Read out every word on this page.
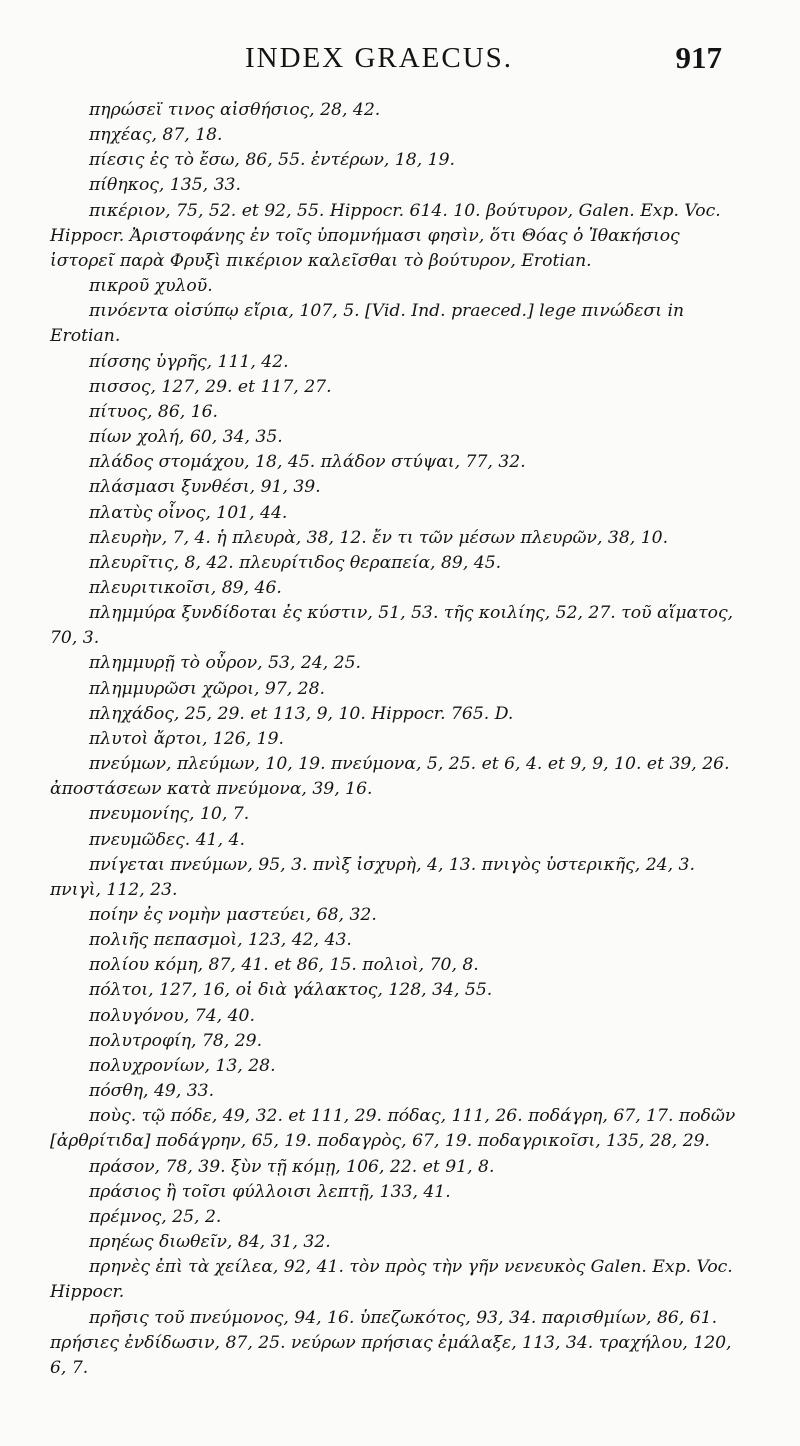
INDEX GRAECUS.	917

πηρώσεϊ τινος αἰσθήσιος, 28, 42.

πηχέας, 87, 18.

πίεσις ἐς τὸ ἔσω, 86, 55. ἐντέρων, 18, 19.

πίθηκος, 135, 33.

πικέριον, 75, 52. et 92, 55. Hippocr. 614. 10. βούτυρον, Galen. Exp. Voc. Hippocr. Ἀριστοφάνης ἐν τοῖς ὑπομνήμασι φησὶν, ὅτι Θόας ὁ Ἰθακήσιος ἱστορεῖ παρὰ Φρυξὶ πικέριον καλεῖσθαι τὸ βούτυρον, Erotian.

πικροῦ χυλοῦ.

πινόεντα οἰσύπῳ εἴρια, 107, 5. [Vid. Ind. praeced.] lege πινώδεσι in Erotian.

πίσσης ὑγρῆς, 111, 42.

πισσος, 127, 29. et 117, 27.

πίτυος, 86, 16.

πίων χολή, 60, 34, 35.

πλάδος στομάχου, 18, 45. πλάδον στύψαι, 77, 32.

πλάσμασι ξυνθέσι, 91, 39.

πλατὺς οἶνος, 101, 44.

πλευρὴν, 7, 4. ἡ πλευρὰ, 38, 12. ἔν τι τῶν μέσων πλευρῶν, 38, 10.

πλευρῖτις, 8, 42. πλευρίτιδος θεραπεία, 89, 45.

πλευριτικοῖσι, 89, 46.

πλημμύρα ξυνδίδοται ἐς κύστιν, 51, 53. τῆς κοιλίης, 52, 27. τοῦ αἵματος, 70, 3.

πλημμυρῇ τὸ οὖρον, 53, 24, 25.

πλημμυρῶσι χῶροι, 97, 28.

πληχάδος, 25, 29. et 113, 9, 10. Hippocr. 765. D.

πλυτοὶ ἄρτοι, 126, 19.

πνεύμων, πλεύμων, 10, 19. πνεύμονα, 5, 25. et 6, 4. et 9, 9, 10. et 39, 26. ἀποστάσεων κατὰ πνεύμονα, 39, 16.

πνευμονίης, 10, 7.

πνευμῶδες. 41, 4.

πνίγεται πνεύμων, 95, 3. πνὶξ ἰσχυρὴ, 4, 13. πνιγὸς ὑστερικῆς, 24, 3. πνιγὶ, 112, 23.

ποίην ἐς νομὴν μαστεύει, 68, 32.

πολιῆς πεπασμοὶ, 123, 42, 43.

πολίου κόμη, 87, 41. et 86, 15. πολιοὶ, 70, 8.

πόλτοι, 127, 16, οἱ διὰ γάλακτος, 128, 34, 55.

πολυγόνου, 74, 40.

πολυτροφίη, 78, 29.

πολυχρονίων, 13, 28.

πόσθη, 49, 33.

ποὺς. τῷ πόδε, 49, 32. et 111, 29. πόδας, 111, 26. ποδάγρη, 67, 17. ποδῶν [ἀρθρίτιδα] ποδάγρην, 65, 19. ποδαγρὸς, 67, 19. ποδαγρικοῖσι, 135, 28, 29.

πράσον, 78, 39. ξὺν τῇ κόμῃ, 106, 22. et 91, 8.

πράσιος ἢ τοῖσι φύλλοισι λεπτῇ, 133, 41.

πρέμνος, 25, 2.

πρηέως διωθεῖν, 84, 31, 32.

πρηνὲς ἐπὶ τὰ χείλεα, 92, 41. τὸν πρὸς τὴν γῆν νενευκὸς Galen. Exp. Voc. Hippocr.

πρῆσις τοῦ πνεύμονος, 94, 16. ὑπεζωκότος, 93, 34. παρισθμίων, 86, 61. πρήσιες ἐνδίδωσιν, 87, 25. νεύρων πρήσιας ἐμάλαξε, 113, 34. τραχήλου, 120, 6, 7.
